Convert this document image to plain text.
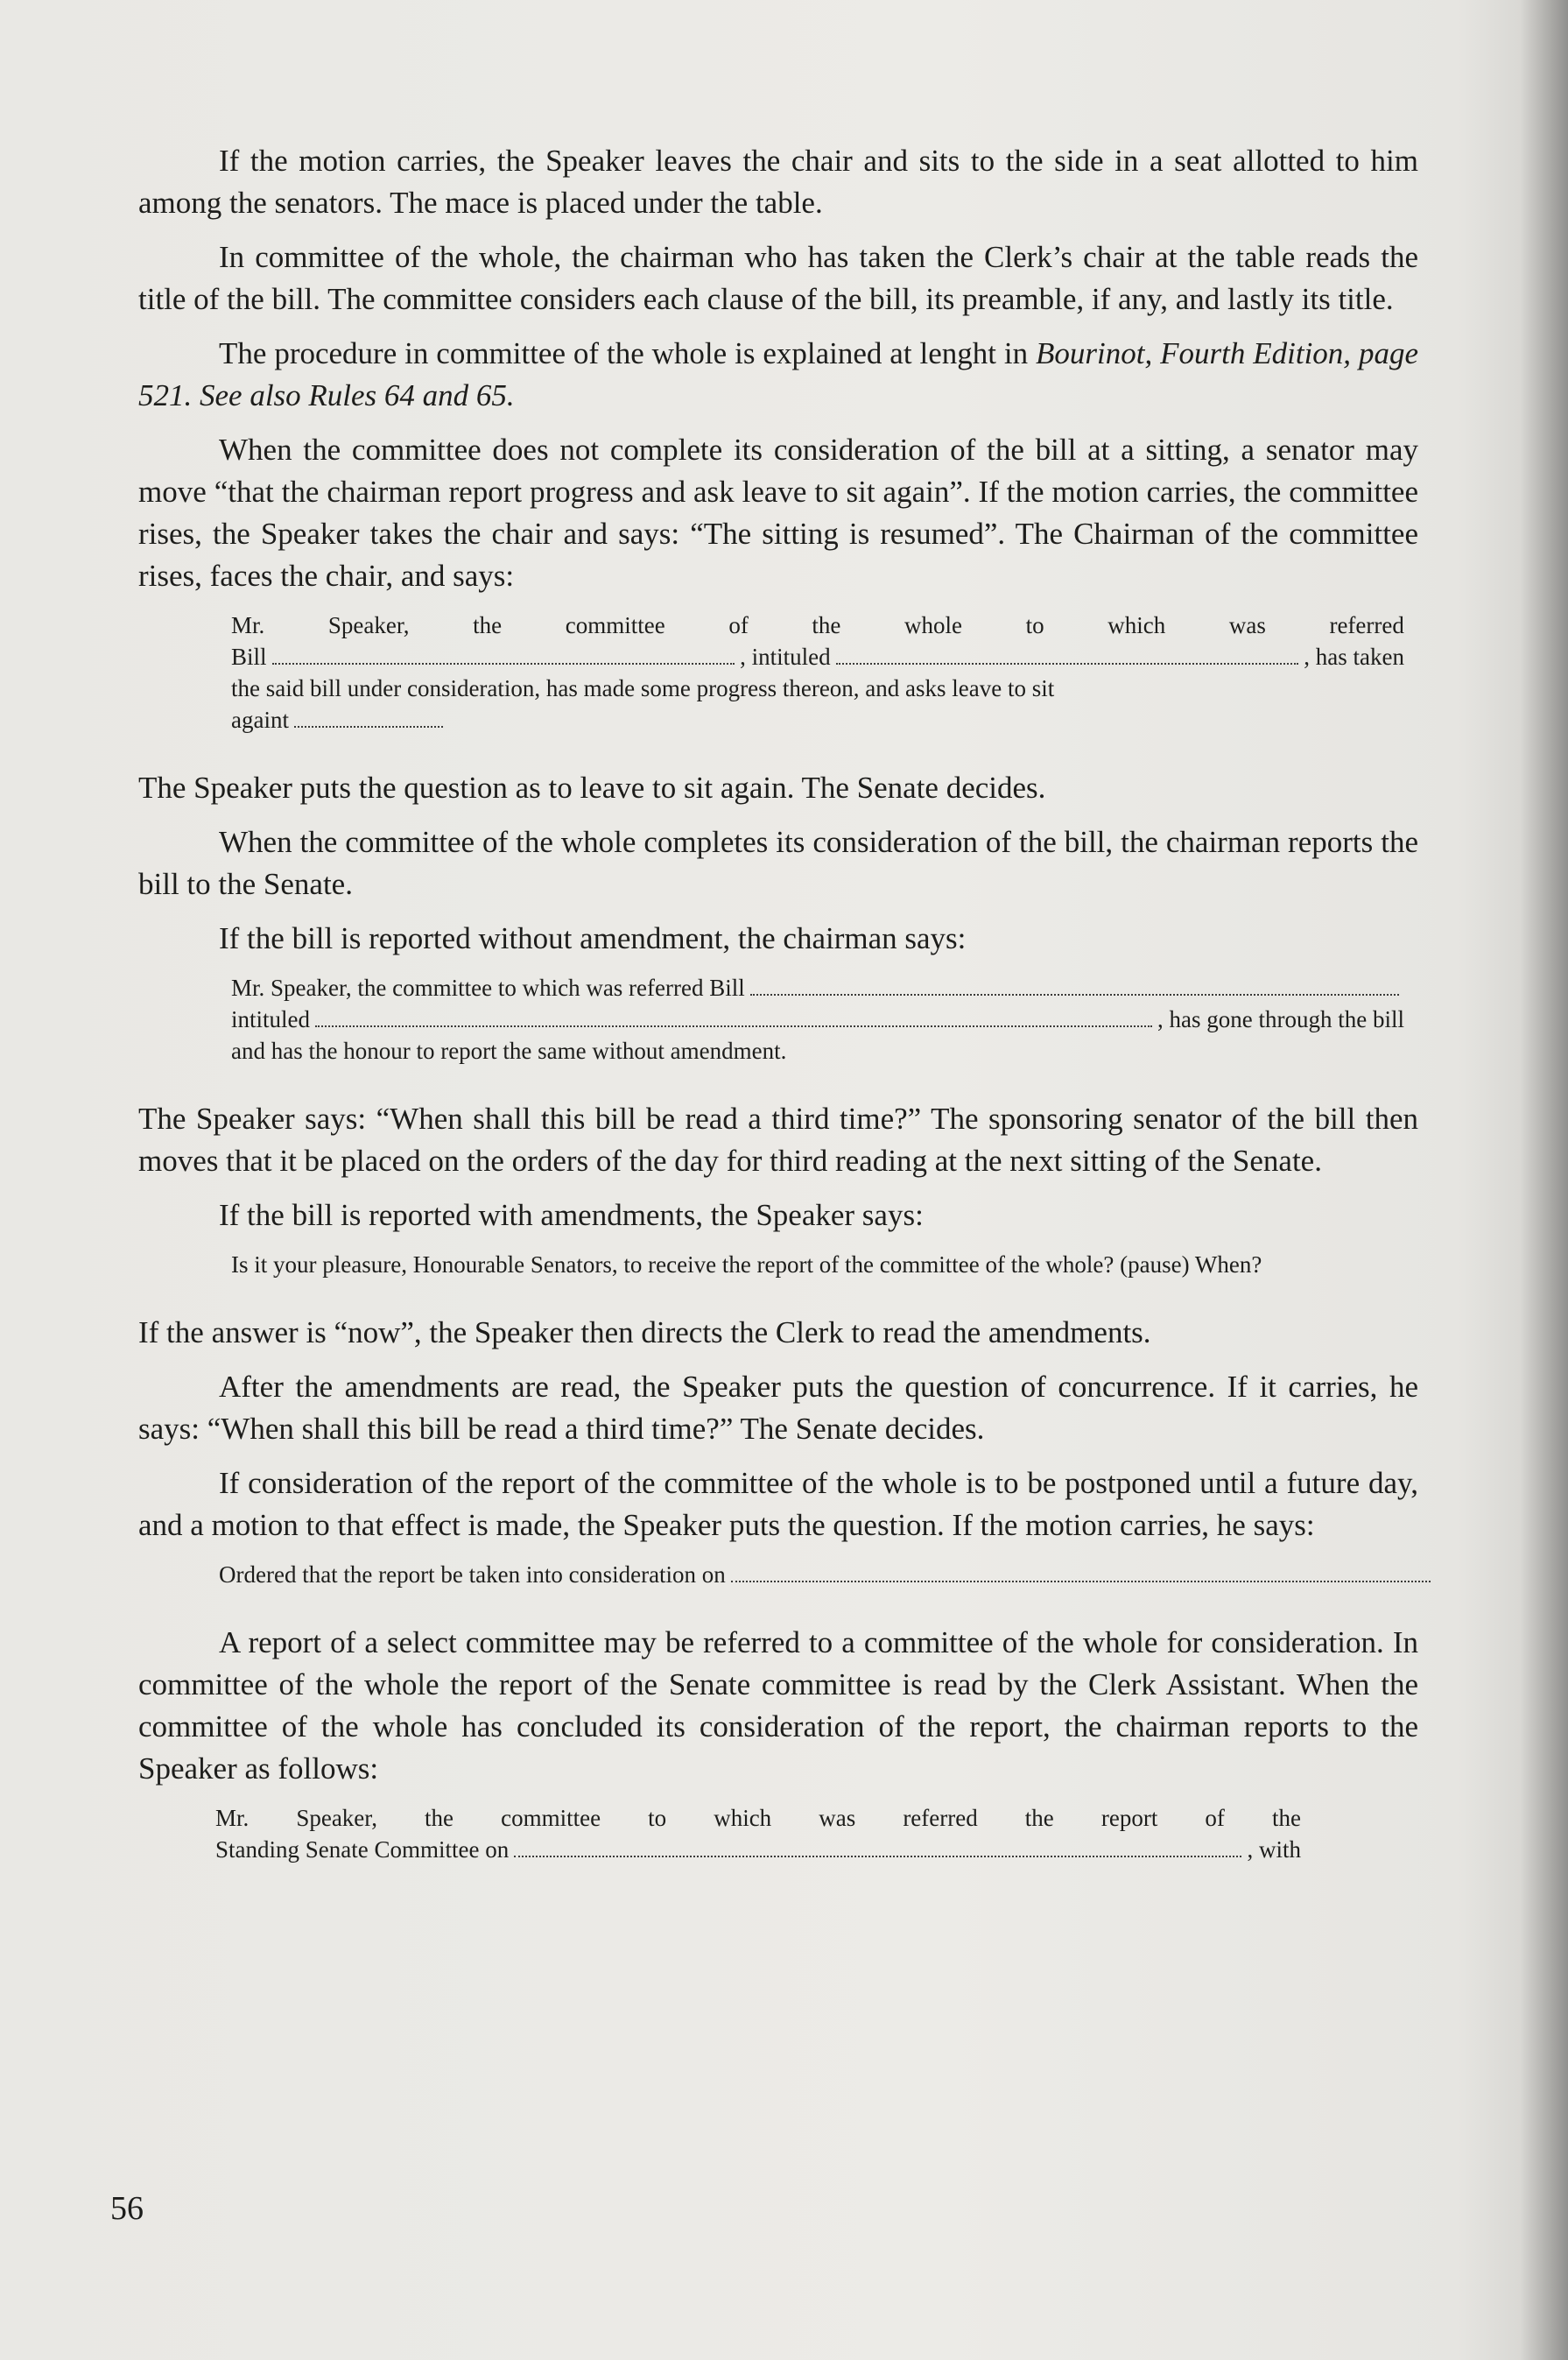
If the motion carries, the Speaker leaves the chair and sits to the side in a seat allotted to him among the senators. The mace is placed under the table.

In committee of the whole, the chairman who has taken the Clerk’s chair at the table reads the title of the bill. The committee considers each clause of the bill, its preamble, if any, and lastly its title.

The procedure in committee of the whole is explained at lenght in Bourinot, Fourth Edition, page 521. See also Rules 64 and 65.

When the committee does not complete its consideration of the bill at a sitting, a senator may move “that the chairman report progress and ask leave to sit again”. If the motion carries, the committee rises, the Speaker takes the chair and says: “The sitting is resumed”. The Chairman of the committee rises, faces the chair, and says:

Mr.	Speaker,	the	committee	of	the	whole	to	which	was	referred
Bill	, intituled	, has taken
the said bill under consideration, has made some progress thereon, and asks leave to sit
againt

The Speaker puts the question as to leave to sit again. The Senate decides.

When the committee of the whole completes its consideration of the bill, the chairman reports the bill to the Senate.

If the bill is reported without amendment, the chairman says:

Mr. Speaker, the committee to which was referred Bill
intituled	, has gone through the bill
and has the honour to report the same without amendment.

The Speaker says: “When shall this bill be read a third time?” The sponsoring senator of the bill then moves that it be placed on the orders of the day for third reading at the next sitting of the Senate.

If the bill is reported with amendments, the Speaker says:

Is it your pleasure, Honourable Senators, to receive the report of the committee of the whole? (pause) When?

If the answer is “now”, the Speaker then directs the Clerk to read the amendments.

After the amendments are read, the Speaker puts the question of concurrence. If it carries, he says: “When shall this bill be read a third time?” The Senate decides.

If consideration of the report of the committee of the whole is to be postponed until a future day, and a motion to that effect is made, the Speaker puts the question. If the motion carries, he says:

Ordered that the report be taken into consideration on

A report of a select committee may be referred to a committee of the whole for consideration. In committee of the whole the report of the Senate committee is read by the Clerk Assistant. When the committee of the whole has concluded its consideration of the report, the chairman reports to the Speaker as follows:

Mr. Speaker, the committee to which was referred the report of the
Standing Senate Committee on	, with
56
